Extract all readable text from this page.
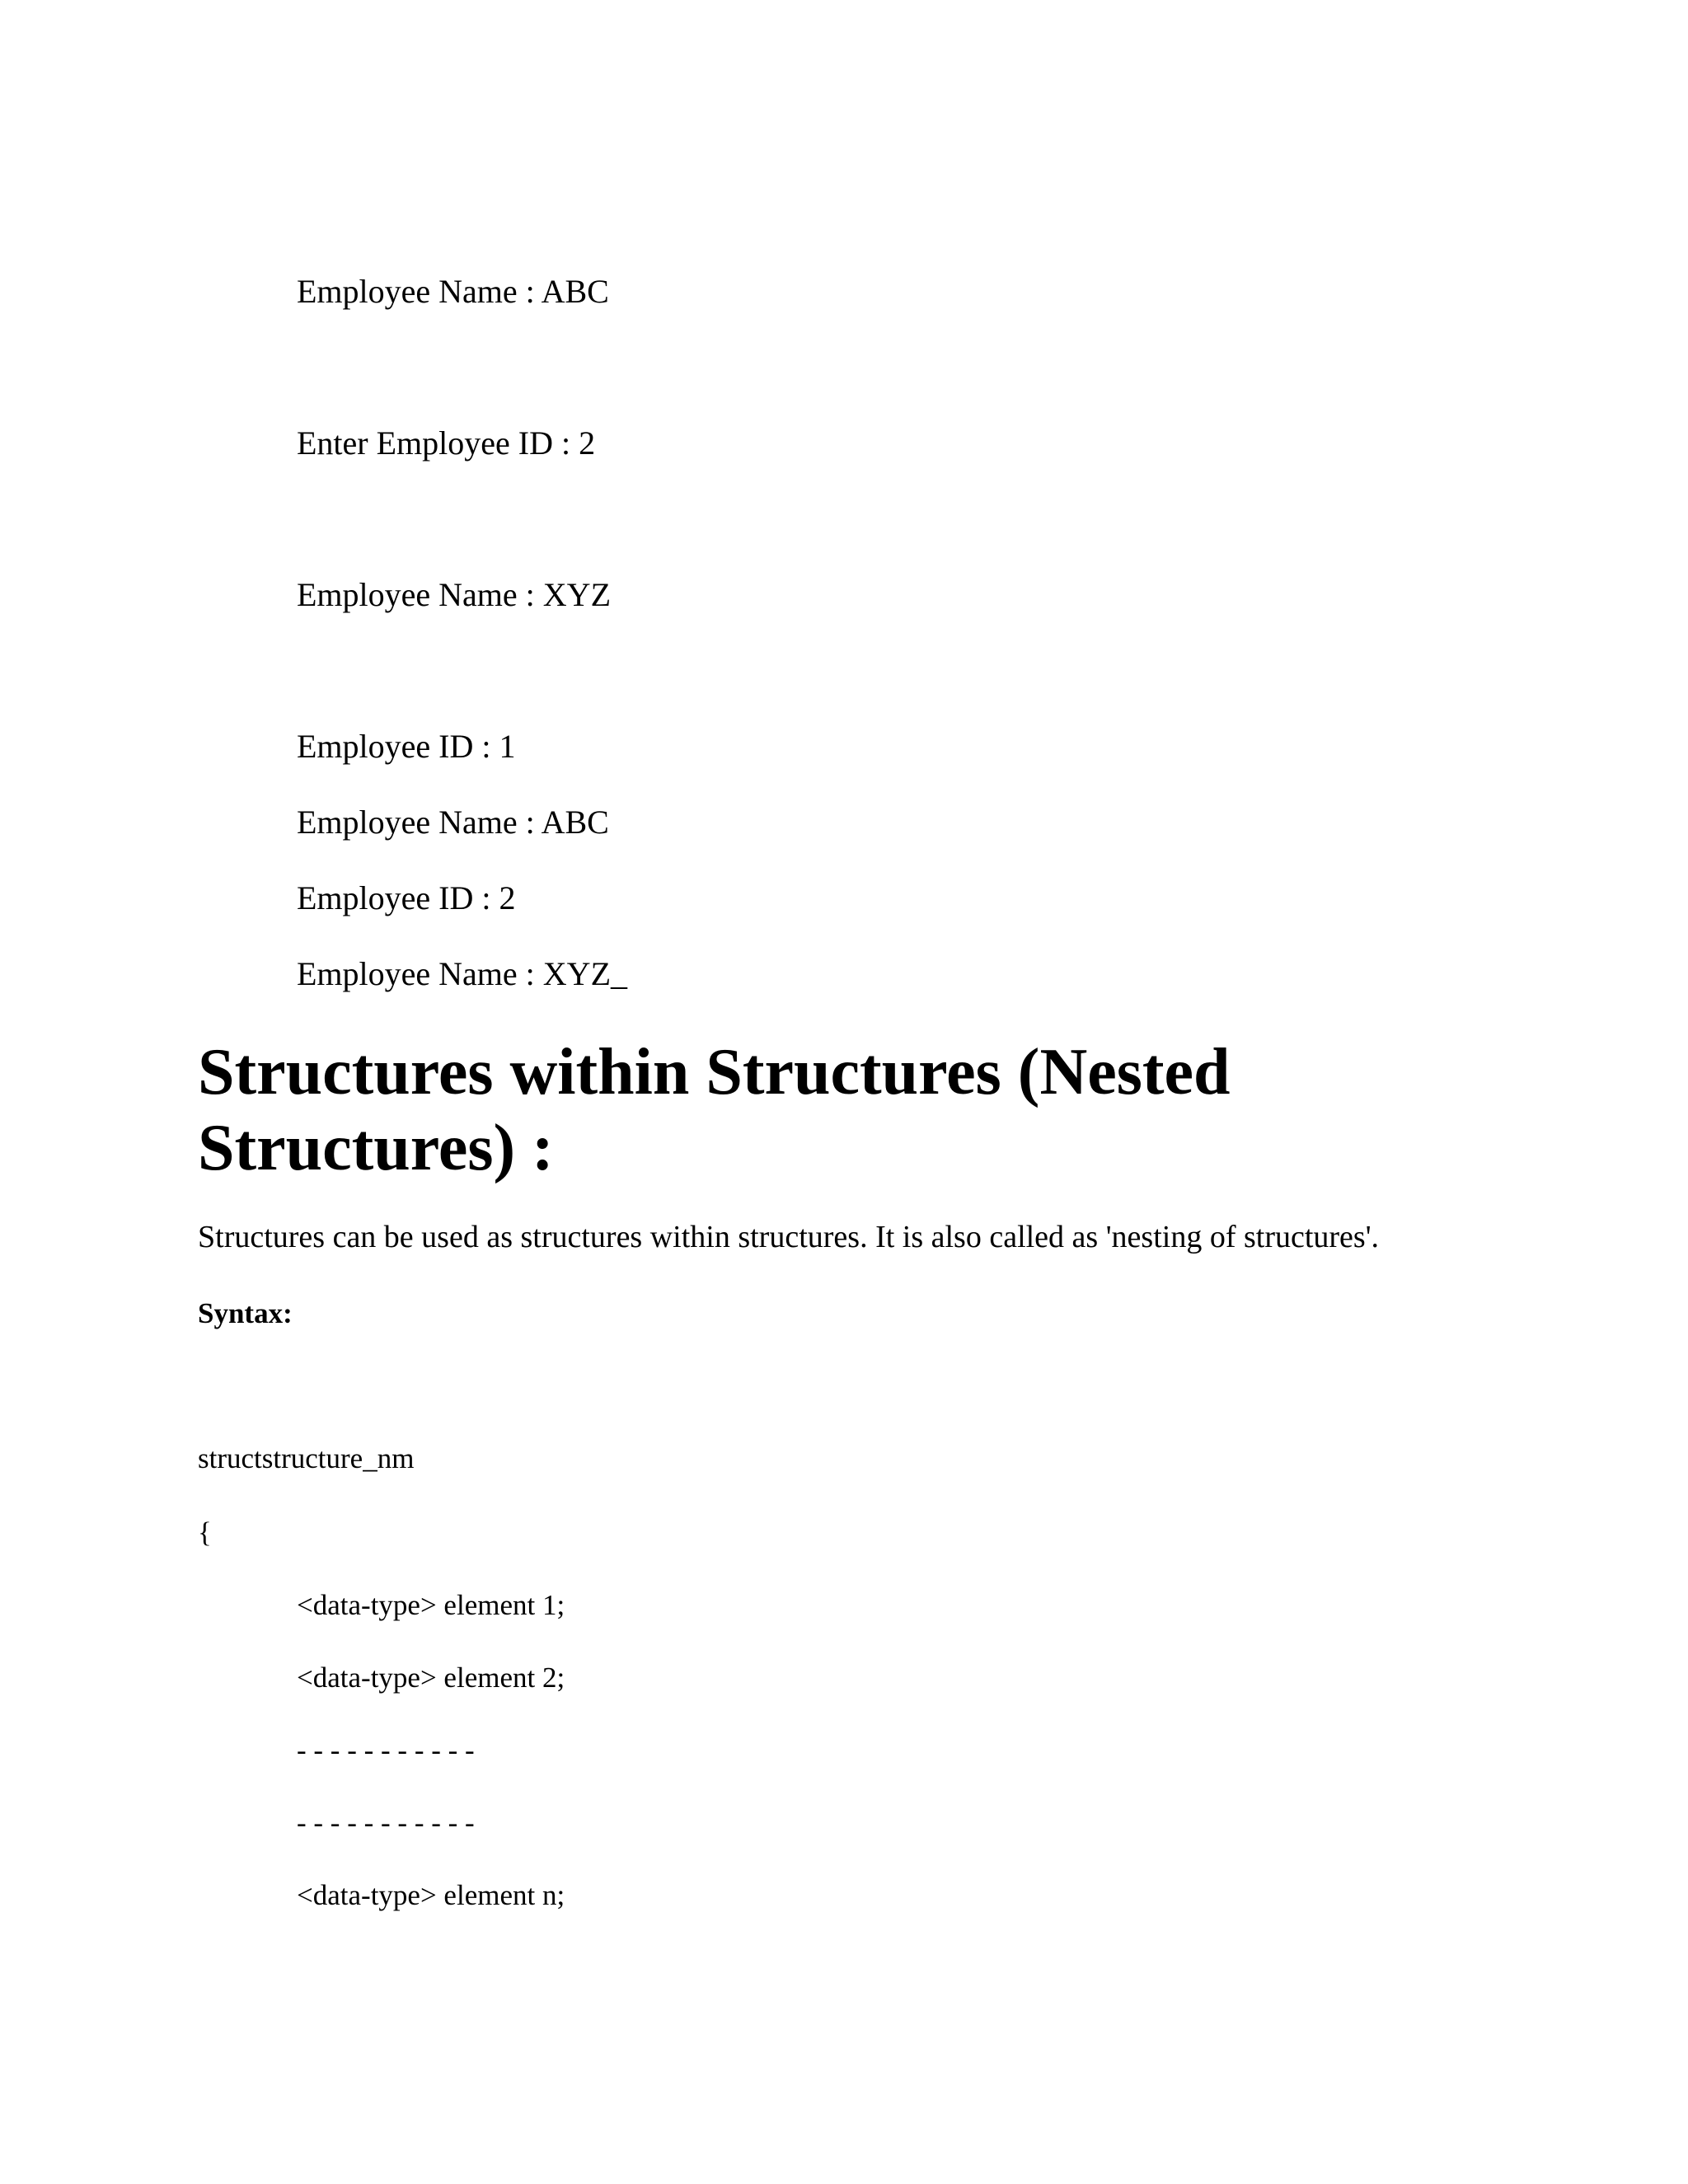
Employee Name : ABC
Enter Employee ID : 2
Employee Name : XYZ
Employee ID : 1
Employee Name : ABC
Employee ID : 2
Employee Name : XYZ_
Structures within Structures (Nested Structures) :
Structures can be used as structures within structures. It is also called as 'nesting of structures'.
Syntax:
structstructure_nm
{
<data-type> element 1;
<data-type> element 2;
- - - - - - - - - - -
- - - - - - - - - - -
<data-type> element n;
